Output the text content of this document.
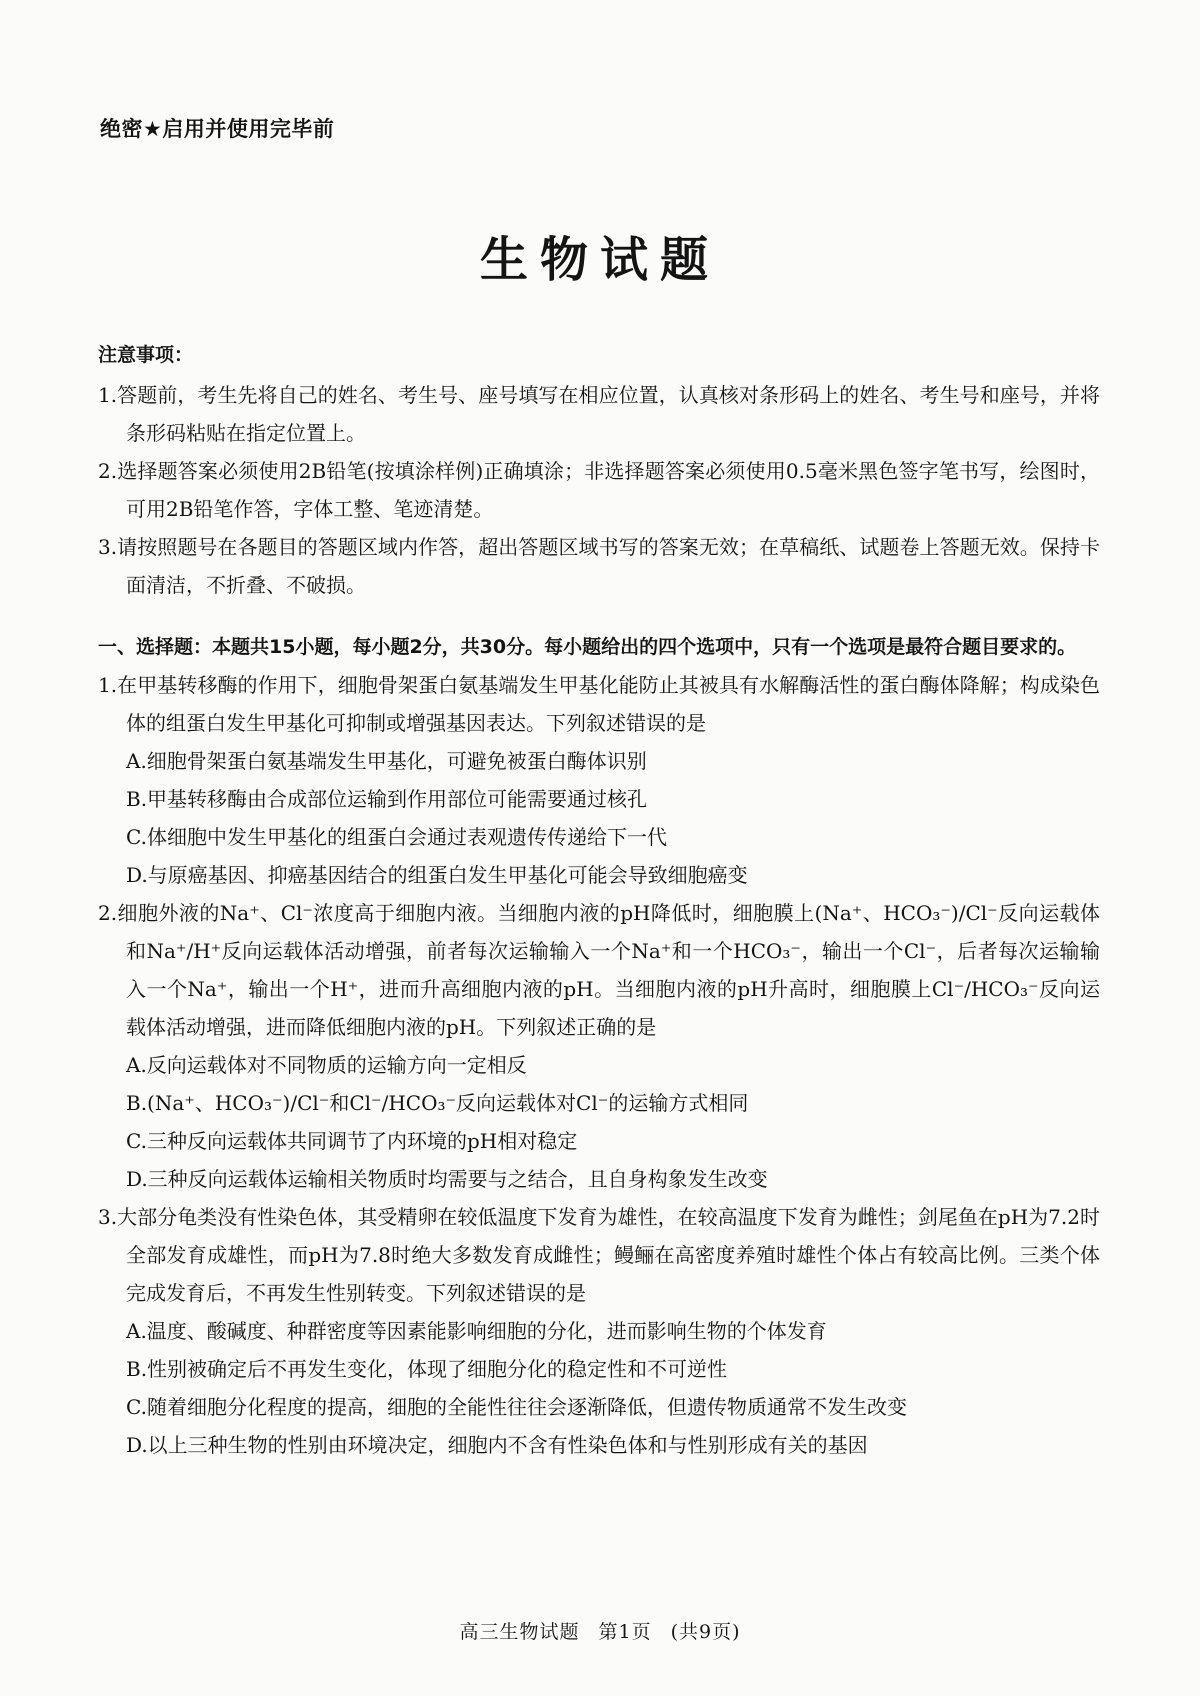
绝密★启用并使用完毕前
生物试题
注意事项：
1.答题前，考生先将自己的姓名、考生号、座号填写在相应位置，认真核对条形码上的姓名、考生号和座号，并将条形码粘贴在指定位置上。
2.选择题答案必须使用2B铅笔(按填涂样例)正确填涂；非选择题答案必须使用0.5毫米黑色签字笔书写，绘图时，可用2B铅笔作答，字体工整、笔迹清楚。
3.请按照题号在各题目的答题区域内作答，超出答题区域书写的答案无效；在草稿纸、试题卷上答题无效。保持卡面清洁，不折叠、不破损。
一、选择题：本题共15小题，每小题2分，共30分。每小题给出的四个选项中，只有一个选项是最符合题目要求的。
1.在甲基转移酶的作用下，细胞骨架蛋白氨基端发生甲基化能防止其被具有水解酶活性的蛋白酶体降解；构成染色体的组蛋白发生甲基化可抑制或增强基因表达。下列叙述错误的是
A.细胞骨架蛋白氨基端发生甲基化，可避免被蛋白酶体识别
B.甲基转移酶由合成部位运输到作用部位可能需要通过核孔
C.体细胞中发生甲基化的组蛋白会通过表观遗传传递给下一代
D.与原癌基因、抑癌基因结合的组蛋白发生甲基化可能会导致细胞癌变
2.细胞外液的Na⁺、Cl⁻浓度高于细胞内液。当细胞内液的pH降低时，细胞膜上(Na⁺、HCO₃⁻)/Cl⁻反向运载体和Na⁺/H⁺反向运载体活动增强，前者每次运输输入一个Na⁺和一个HCO₃⁻，输出一个Cl⁻，后者每次运输输入一个Na⁺，输出一个H⁺，进而升高细胞内液的pH。当细胞内液的pH升高时，细胞膜上Cl⁻/HCO₃⁻反向运载体活动增强，进而降低细胞内液的pH。下列叙述正确的是
A.反向运载体对不同物质的运输方向一定相反
B.(Na⁺、HCO₃⁻)/Cl⁻和Cl⁻/HCO₃⁻反向运载体对Cl⁻的运输方式相同
C.三种反向运载体共同调节了内环境的pH相对稳定
D.三种反向运载体运输相关物质时均需要与之结合，且自身构象发生改变
3.大部分龟类没有性染色体，其受精卵在较低温度下发育为雄性，在较高温度下发育为雌性；剑尾鱼在pH为7.2时全部发育成雄性，而pH为7.8时绝大多数发育成雌性；鳗鲡在高密度养殖时雄性个体占有较高比例。三类个体完成发育后，不再发生性别转变。下列叙述错误的是
A.温度、酸碱度、种群密度等因素能影响细胞的分化，进而影响生物的个体发育
B.性别被确定后不再发生变化，体现了细胞分化的稳定性和不可逆性
C.随着细胞分化程度的提高，细胞的全能性往往会逐渐降低，但遗传物质通常不发生改变
D.以上三种生物的性别由环境决定，细胞内不含有性染色体和与性别形成有关的基因
高三生物试题 第1页 (共9页)
